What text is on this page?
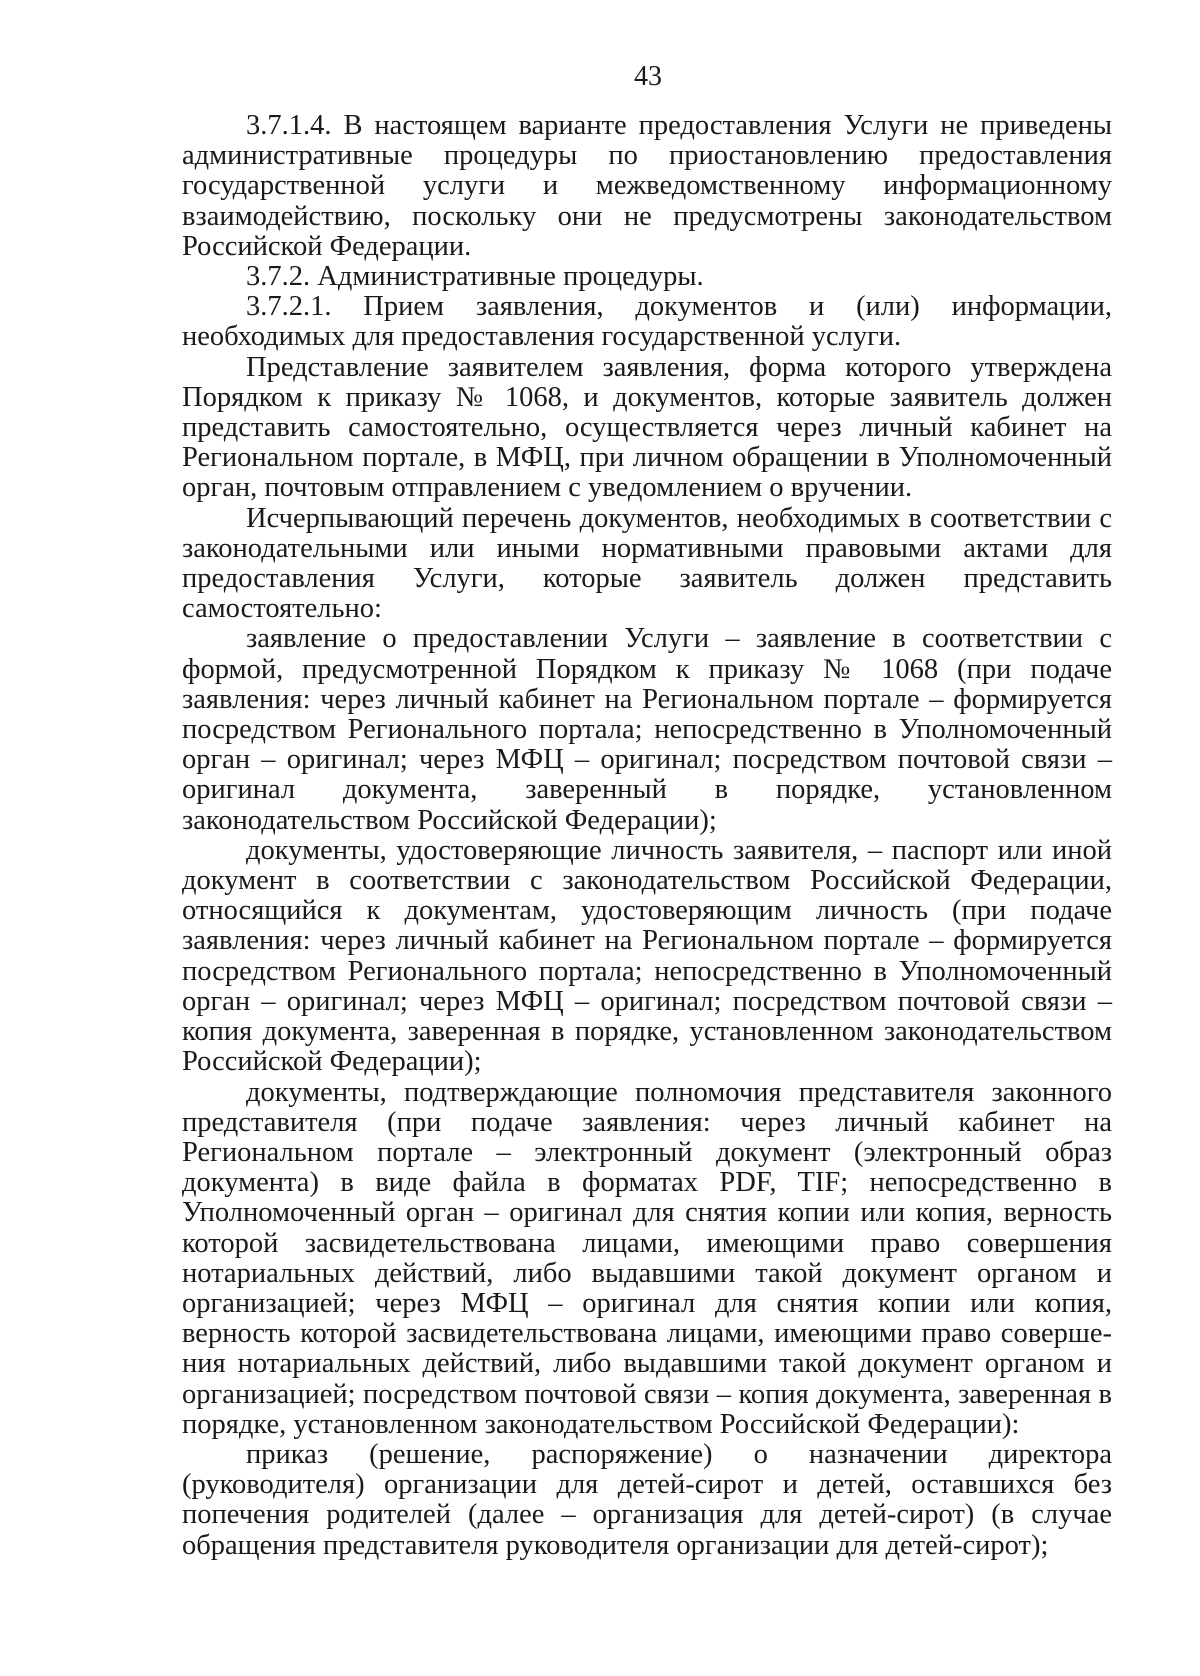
43

3.7.1.4. В настоящем варианте предоставления Услуги не приведены административные процедуры по приостановлению предоставления государственной услуги и межведомственному информационному взаимодействию, поскольку они не предусмотрены законодательством Российской Федерации.

3.7.2. Административные процедуры.

3.7.2.1. Прием заявления, документов и (или) информации, необходимых для предоставления государственной услуги.

Представление заявителем заявления, форма которого утверждена Порядком к приказу № 1068, и документов, которые заявитель должен представить самостоятельно, осуществляется через личный кабинет на Региональном портале, в МФЦ, при личном обращении в Уполномоченный орган, почтовым отправлением с уведомлением о вручении.

Исчерпывающий перечень документов, необходимых в соответствии с законодательными или иными нормативными правовыми актами для предоставления Услуги, которые заявитель должен представить самостоятельно:

заявление о предоставлении Услуги – заявление в соответствии с формой, предусмотренной Порядком к приказу № 1068 (при подаче заявления: через личный кабинет на Региональном портале – формируется посредством Регионального портала; непосредственно в Уполномоченный орган – оригинал; через МФЦ – оригинал; посредством почтовой связи – оригинал документа, заверенный в порядке, установленном законодательством Российской Федерации);

документы, удостоверяющие личность заявителя, – паспорт или иной документ в соответствии с законодательством Российской Федерации, относящийся к документам, удостоверяющим личность (при подаче заявления: через личный кабинет на Региональном портале – формируется посредством Регионального портала; непосредственно в Уполномоченный орган – оригинал; через МФЦ – оригинал; посредством почтовой связи – копия документа, заверенная в порядке, установленном законодательством Российской Федерации);

документы, подтверждающие полномочия представителя законного представителя (при подаче заявления: через личный кабинет на Региональном портале – электронный документ (электронный образ документа) в виде файла в форматах PDF, TIF; непосредственно в Уполномоченный орган – оригинал для снятия копии или копия, верность которой засвидетельствована лицами, имеющими право совершения нотариальных действий, либо выдавшими такой документ органом и организацией; через МФЦ – оригинал для снятия копии или копия, верность которой засвидетельствована лицами, имеющими право совершения нотариальных действий, либо выдавшими такой документ органом и организацией; посредством почтовой связи – копия документа, заверенная в порядке, установленном законодательством Российской Федерации):

приказ (решение, распоряжение) о назначении директора (руководителя) организации для детей-сирот и детей, оставшихся без попечения родителей (далее – организация для детей-сирот) (в случае обращения представителя руководителя организации для детей-сирот);
